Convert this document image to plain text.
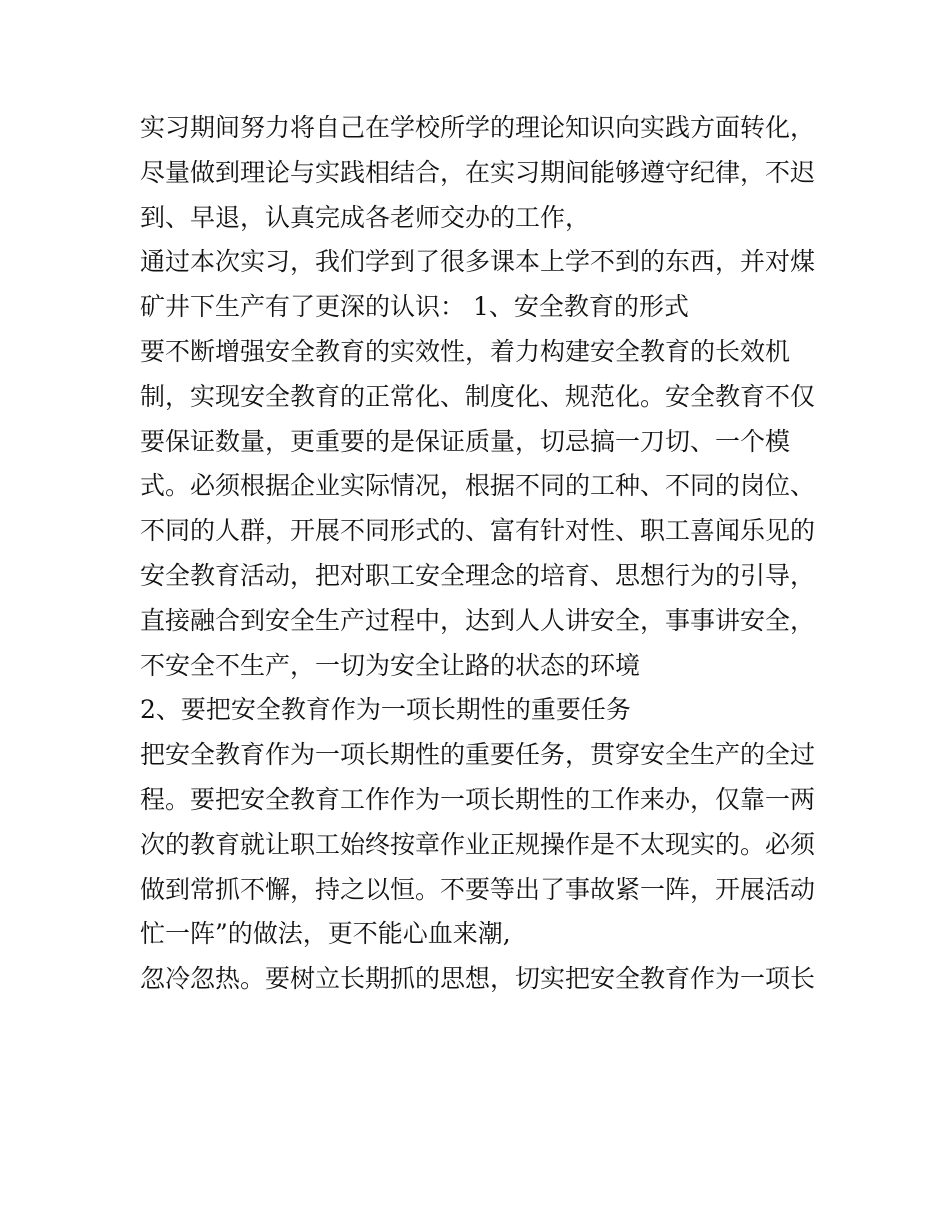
实习期间努力将自己在学校所学的理论知识向实践方面转化，
尽量做到理论与实践相结合，在实习期间能够遵守纪律，不迟
到、早退，认真完成各老师交办的工作，
通过本次实习，我们学到了很多课本上学不到的东西，并对煤
矿井下生产有了更深的认识： 1、安全教育的形式
要不断增强安全教育的实效性，着力构建安全教育的长效机
制，实现安全教育的正常化、制度化、规范化。安全教育不仅
要保证数量，更重要的是保证质量，切忌搞一刀切、一个模
式。必须根据企业实际情况，根据不同的工种、不同的岗位、
不同的人群，开展不同形式的、富有针对性、职工喜闻乐见的
安全教育活动，把对职工安全理念的培育、思想行为的引导，
直接融合到安全生产过程中，达到人人讲安全，事事讲安全，
不安全不生产，一切为安全让路的状态的环境
2、要把安全教育作为一项长期性的重要任务
把安全教育作为一项长期性的重要任务，贯穿安全生产的全过
程。要把安全教育工作作为一项长期性的工作来办，仅靠一两
次的教育就让职工始终按章作业正规操作是不太现实的。必须
做到常抓不懈，持之以恒。不要等出了事故紧一阵，开展活动
忙一阵”的做法，更不能心血来潮,
忽冷忽热。要树立长期抓的思想，切实把安全教育作为一项长
